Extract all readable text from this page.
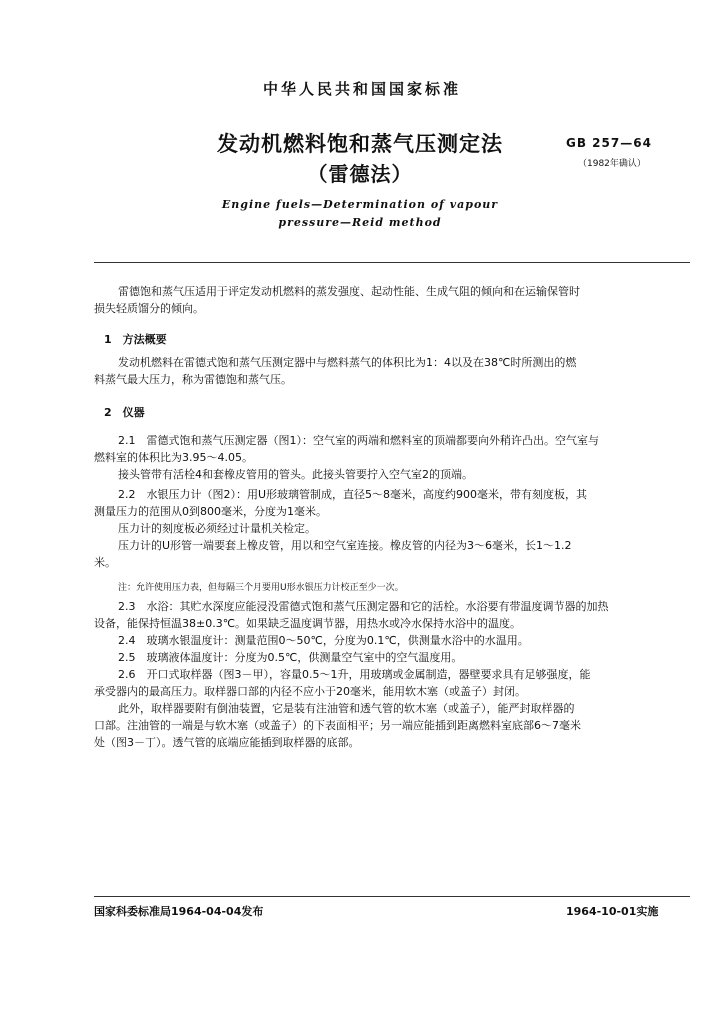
中华人民共和国国家标准
发动机燃料饱和蒸气压测定法
（雷德法）
GB 257—64
（1982年确认）
Engine fuels—Determination of vapour
pressure—Reid method
雷德饱和蒸气压适用于评定发动机燃料的蒸发强度、起动性能、生成气阻的倾向和在运输保管时
损失轻质馏分的倾向。
1　方法概要
发动机燃料在雷德式饱和蒸气压测定器中与燃料蒸气的体积比为1：4以及在38℃时所测出的燃
料蒸气最大压力，称为雷德饱和蒸气压。
2　仪器
2.1　雷德式饱和蒸气压测定器（图1）：空气室的两端和燃料室的顶端都要向外稍许凸出。空气室与
燃料室的体积比为3.95～4.05。
接头管带有活栓4和套橡皮管用的管头。此接头管要拧入空气室2的顶端。
2.2　水银压力计（图2）：用U形玻璃管制成，直径5～8毫米，高度约900毫米，带有刻度板，其
测量压力的范围从0到800毫米，分度为1毫米。
压力计的刻度板必须经过计量机关检定。
压力计的U形管一端要套上橡皮管，用以和空气室连接。橡皮管的内径为3～6毫米，长1～1.2
米。
注：允许使用压力表，但每隔三个月要用U形水银压力计校正至少一次。
2.3　水浴：其贮水深度应能浸没雷德式饱和蒸气压测定器和它的活栓。水浴要有带温度调节器的加热
设备，能保持恒温38±0.3℃。如果缺乏温度调节器，用热水或冷水保持水浴中的温度。
2.4　玻璃水银温度计：测量范围0～50℃，分度为0.1℃，供测量水浴中的水温用。
2.5　玻璃液体温度计：分度为0.5℃，供测量空气室中的空气温度用。
2.6　开口式取样器（图3－甲），容量0.5～1升，用玻璃或金属制造，器壁要求具有足够强度，能
承受器内的最高压力。取样器口部的内径不应小于20毫米，能用软木塞（或盖子）封闭。
此外，取样器要附有倒油装置，它是装有注油管和透气管的软木塞（或盖子），能严封取样器的
口部。注油管的一端是与软木塞（或盖子）的下表面相平；另一端应能插到距离燃料室底部6～7毫米
处（图3－丁）。透气管的底端应能插到取样器的底部。
国家科委标准局1964-04-04发布	1964-10-01实施
